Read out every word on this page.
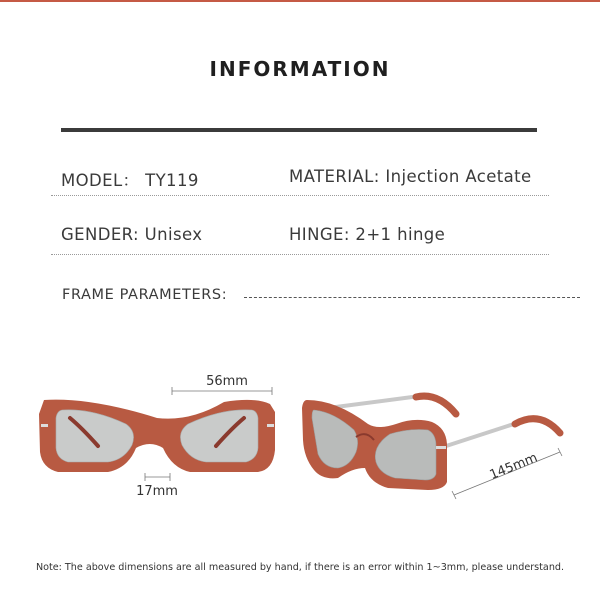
INFORMATION
MODEL： TY119	MATERIAL: Injection Acetate
GENDER: Unisex	HINGE: 2+1 hinge
FRAME PARAMETERS:
56mm
17mm
145mm
Note: The above dimensions are all measured by hand, if there is an error within 1~3mm, please understand.
